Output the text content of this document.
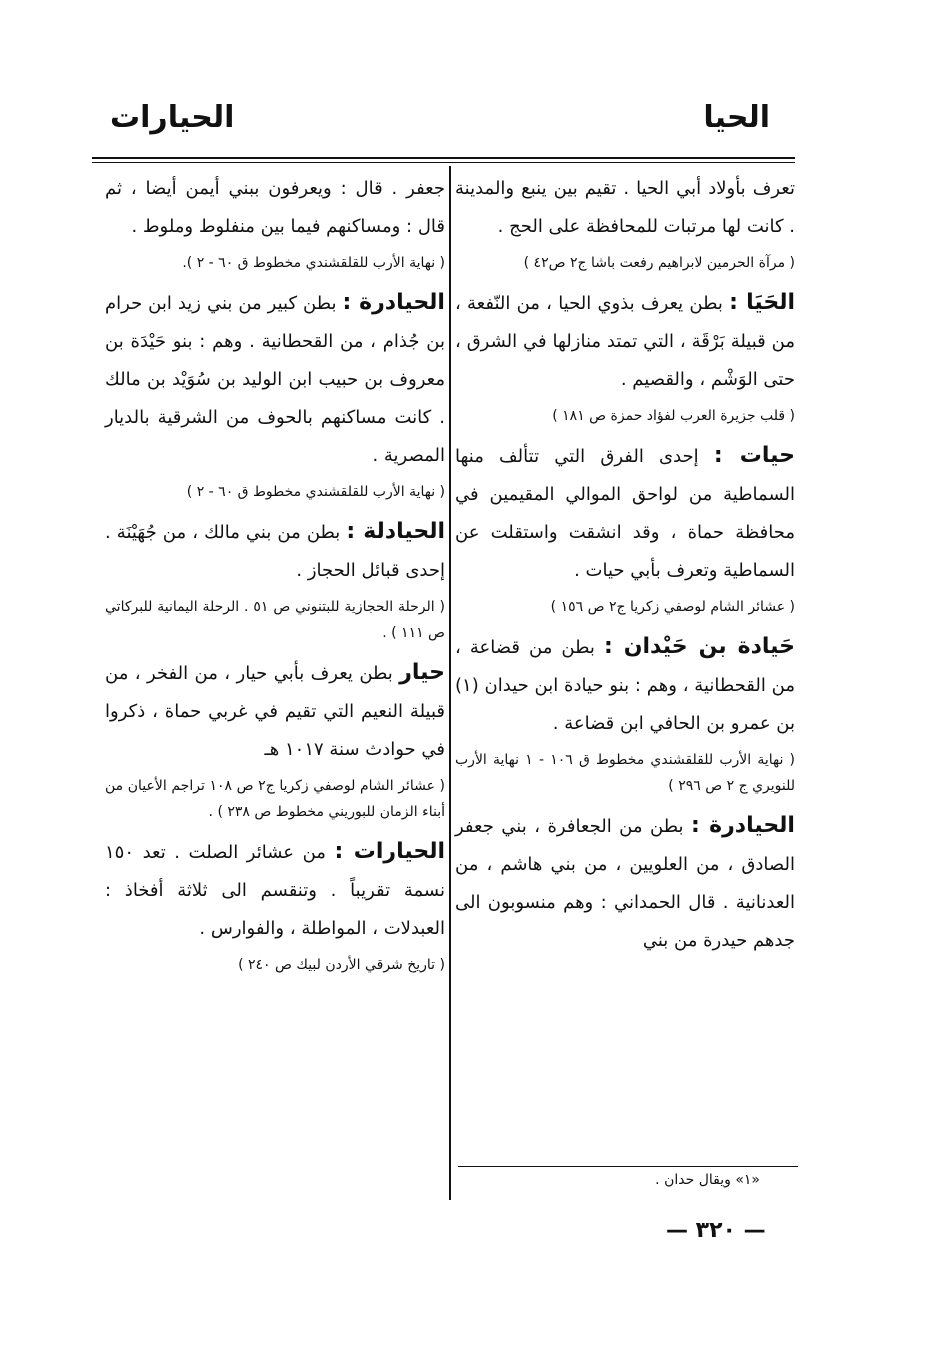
الحيا
الحيارات

تعرف بأولاد أبي الحيا . تقيم بين ينبع والمدينة . كانت لها مرتبات للمحافظة على الحج .

( مرآة الحرمين لابراهيم رفعت باشا ج٢ ص٤٢ )

الحَيَا : بطن يعرف بذوي الحيا ، من النّفعة ، من قبيلة بَرْقَة ، التي تمتد منازلها في الشرق ، حتى الوَشْم ، والقصيم .

( قلب جزيرة العرب لفؤاد حمزة ص ١٨١ )

حيات : إحدى الفرق التي تتألف منها السماطية من لواحق الموالي المقيمين في محافظة حماة ، وقد انشقت واستقلت عن السماطية وتعرف بأبي حيات .

( عشائر الشام لوصفي زكريا ج٢ ص ١٥٦ )

حَيادة بن حَيْدان : بطن من قضاعة ، من القحطانية ، وهم : بنو حيادة ابن حيدان (١) بن عمرو بن الحافي ابن قضاعة .

( نهاية الأرب للقلقشندي مخطوط ق ١٠٦ - ١ نهاية الأرب للنويري ج ٢ ص ٢٩٦ )

الحيادرة : بطن من الجعافرة ، بني جعفر الصادق ، من العلويين ، من بني هاشم ، من العدنانية . قال الحمداني : وهم منسوبون الى جدهم حيدرة من بني

جعفر . قال : ويعرفون ببني أيمن أيضا ، ثم قال : ومساكنهم فيما بين منفلوط وملوط .

( نهاية الأرب للقلقشندي مخطوط ق ٦٠ - ٢ ).

الحيادرة : بطن كبير من بني زيد ابن حرام بن جُذام ، من القحطانية . وهم : بنو حَيْدَة بن معروف بن حبيب ابن الوليد بن سُوَيْد بن مالك . كانت مساكنهم بالحوف من الشرقية بالديار المصرية .

( نهاية الأرب للقلقشندي مخطوط ق ٦٠ - ٢ )

الحيادلة : بطن من بني مالك ، من جُهَيْنَة . إحدى قبائل الحجاز .

( الرحلة الحجازية للبتنوني ص ٥١ . الرحلة اليمانية للبركاتي ص ١١١ ) .

حيار بطن يعرف بأبي حيار ، من الفخر ، من قبيلة النعيم التي تقيم في غربي حماة ، ذكروا في حوادث سنة ١٠١٧ هـ

( عشائر الشام لوصفي زكريا ج٢ ص ١٠٨ تراجم الأعيان من أبناء الزمان للبوريني مخطوط ص ٢٣٨ ) .

الحيارات : من عشائر الصلت . تعد ١٥٠ نسمة تقريباً . وتنقسم الى ثلاثة أفخاذ : العبدلات ، المواطلة ، والفوارس .

( تاريخ شرقي الأردن لبيك ص ٢٤٠ )
«١» ويقال حدان .
— ٣٢٠ —
